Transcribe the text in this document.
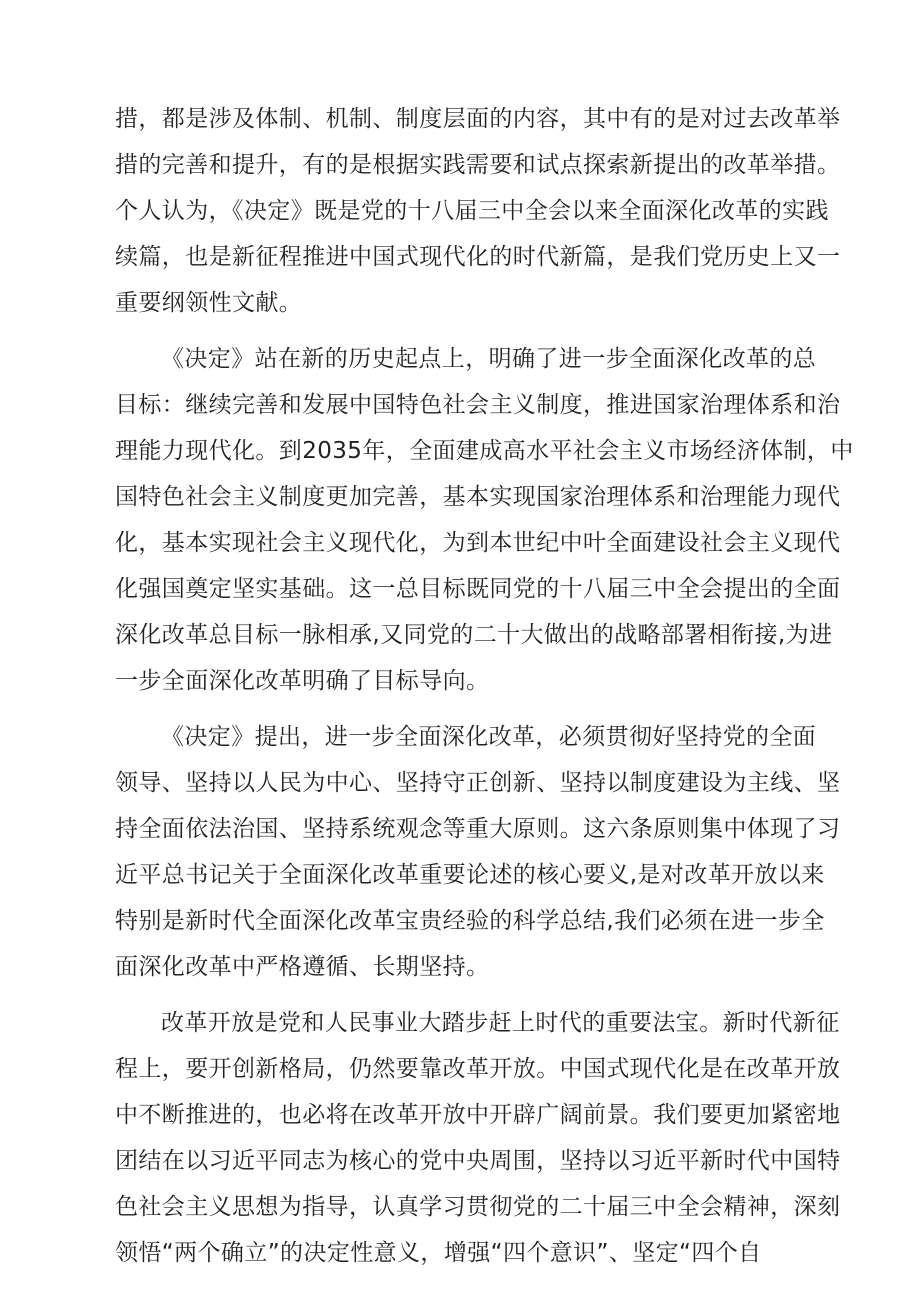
措，都是涉及体制、机制、制度层面的内容，其中有的是对过去改革举
措的完善和提升，有的是根据实践需要和试点探索新提出的改革举措。
个人认为，《决定》既是党的十八届三中全会以来全面深化改革的实践
续篇，也是新征程推进中国式现代化的时代新篇，是我们党历史上又一
重要纲领性文献。
《决定》站在新的历史起点上，明确了进一步全面深化改革的总
目标：继续完善和发展中国特色社会主义制度，推进国家治理体系和治
理能力现代化。到2035年，全面建成高水平社会主义市场经济体制，中
国特色社会主义制度更加完善，基本实现国家治理体系和治理能力现代
化，基本实现社会主义现代化，为到本世纪中叶全面建设社会主义现代
化强国奠定坚实基础。这一总目标既同党的十八届三中全会提出的全面
深化改革总目标一脉相承,又同党的二十大做出的战略部署相衔接,为进
一步全面深化改革明确了目标导向。
《决定》提出，进一步全面深化改革，必须贯彻好坚持党的全面
领导、坚持以人民为中心、坚持守正创新、坚持以制度建设为主线、坚
持全面依法治国、坚持系统观念等重大原则。这六条原则集中体现了习
近平总书记关于全面深化改革重要论述的核心要义,是对改革开放以来
特别是新时代全面深化改革宝贵经验的科学总结,我们必须在进一步全
面深化改革中严格遵循、长期坚持。
改革开放是党和人民事业大踏步赶上时代的重要法宝。新时代新征
程上，要开创新格局，仍然要靠改革开放。中国式现代化是在改革开放
中不断推进的，也必将在改革开放中开辟广阔前景。我们要更加紧密地
团结在以习近平同志为核心的党中央周围，坚持以习近平新时代中国特
色社会主义思想为指导，认真学习贯彻党的二十届三中全会精神，深刻
领悟“两个确立”的决定性意义，增强“四个意识”、坚定“四个自
